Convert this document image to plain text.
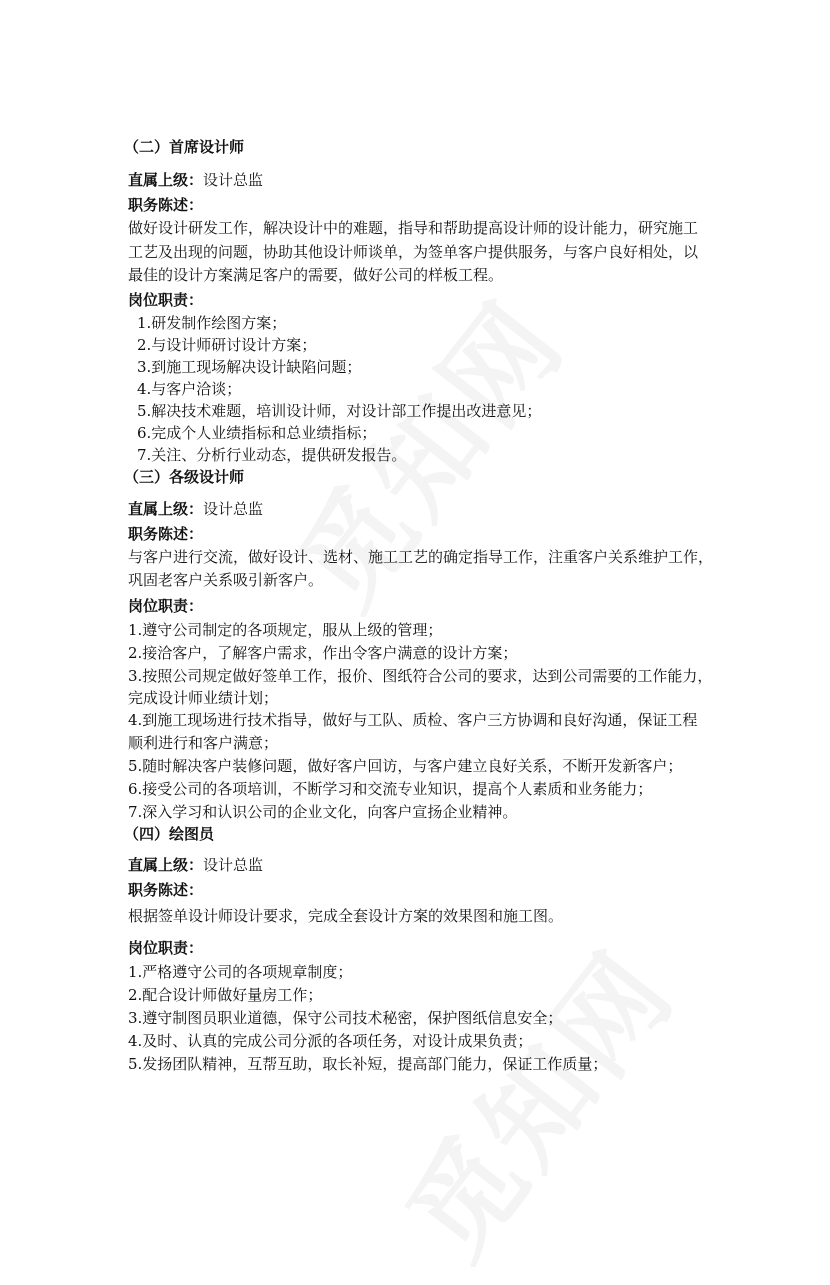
（二）首席设计师
直属上级：设计总监
职务陈述：
做好设计研发工作，解决设计中的难题，指导和帮助提高设计师的设计能力，研究施工
工艺及出现的问题，协助其他设计师谈单，为签单客户提供服务，与客户良好相处，以
最佳的设计方案满足客户的需要，做好公司的样板工程。
岗位职责：
1.研发制作绘图方案；
2.与设计师研讨设计方案；
3.到施工现场解决设计缺陷问题；
4.与客户洽谈；
5.解决技术难题，培训设计师，对设计部工作提出改进意见；
6.完成个人业绩指标和总业绩指标；
7.关注、分析行业动态，提供研发报告。
（三）各级设计师
直属上级：设计总监
职务陈述：
与客户进行交流，做好设计、选材、施工工艺的确定指导工作，注重客户关系维护工作，
巩固老客户关系吸引新客户。
岗位职责：
1.遵守公司制定的各项规定，服从上级的管理；
2.接洽客户，了解客户需求，作出令客户满意的设计方案；
3.按照公司规定做好签单工作，报价、图纸符合公司的要求，达到公司需要的工作能力，
完成设计师业绩计划；
4.到施工现场进行技术指导，做好与工队、质检、客户三方协调和良好沟通，保证工程
顺利进行和客户满意；
5.随时解决客户装修问题，做好客户回访，与客户建立良好关系，不断开发新客户；
6.接受公司的各项培训，不断学习和交流专业知识，提高个人素质和业务能力；
7.深入学习和认识公司的企业文化，向客户宣扬企业精神。
（四）绘图员
直属上级：设计总监
职务陈述：
根据签单设计师设计要求，完成全套设计方案的效果图和施工图。
岗位职责：
1.严格遵守公司的各项规章制度；
2.配合设计师做好量房工作；
3.遵守制图员职业道德，保守公司技术秘密，保护图纸信息安全；
4.及时、认真的完成公司分派的各项任务，对设计成果负责；
5.发扬团队精神，互帮互助，取长补短，提高部门能力，保证工作质量；
